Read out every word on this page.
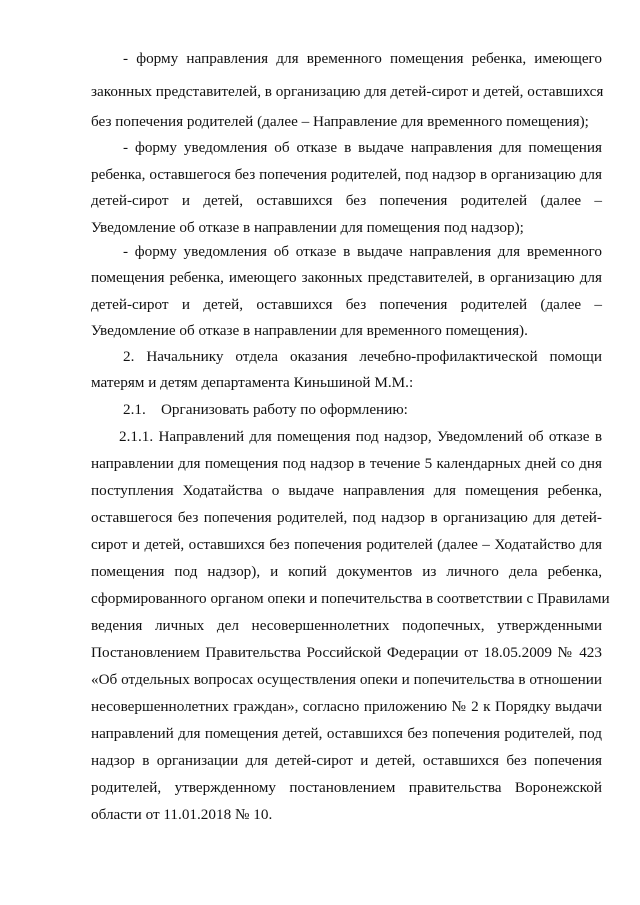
- форму направления для временного помещения ребенка, имеющего
законных представителей, в организацию для детей-сирот и детей, оставшихся
без попечения родителей (далее – Направление для временного помещения);
- форму уведомления об отказе в выдаче направления для помещения
ребенка, оставшегося без попечения родителей, под надзор в организацию для
детей-сирот и детей, оставшихся без попечения родителей (далее –
Уведомление об отказе в направлении для помещения под надзор);
- форму уведомления об отказе в выдаче направления для временного
помещения ребенка, имеющего законных представителей, в организацию для
детей-сирот и детей, оставшихся без попечения родителей (далее –
Уведомление об отказе в направлении для временного помещения).
2. Начальнику отдела оказания лечебно-профилактической помощи
матерям и детям департамента Киньшиной М.М.:
2.1.    Организовать работу по оформлению:
2.1.1. Направлений для помещения под надзор, Уведомлений об отказе в
направлении для помещения под надзор в течение 5 календарных дней со дня
поступления Ходатайства о выдаче направления для помещения ребенка,
оставшегося без попечения родителей, под надзор в организацию для детей-
сирот и детей, оставшихся без попечения родителей (далее – Ходатайство для
помещения под надзор), и копий документов из личного дела ребенка,
сформированного органом опеки и попечительства в соответствии с Правилами
ведения личных дел несовершеннолетних подопечных, утвержденными
Постановлением Правительства Российской Федерации от 18.05.2009 № 423
«Об отдельных вопросах осуществления опеки и попечительства в отношении
несовершеннолетних граждан», согласно приложению № 2 к Порядку выдачи
направлений для помещения детей, оставшихся без попечения родителей, под
надзор в организации для детей-сирот и детей, оставшихся без попечения
родителей, утвержденному постановлением правительства Воронежской
области от 11.01.2018 № 10.
